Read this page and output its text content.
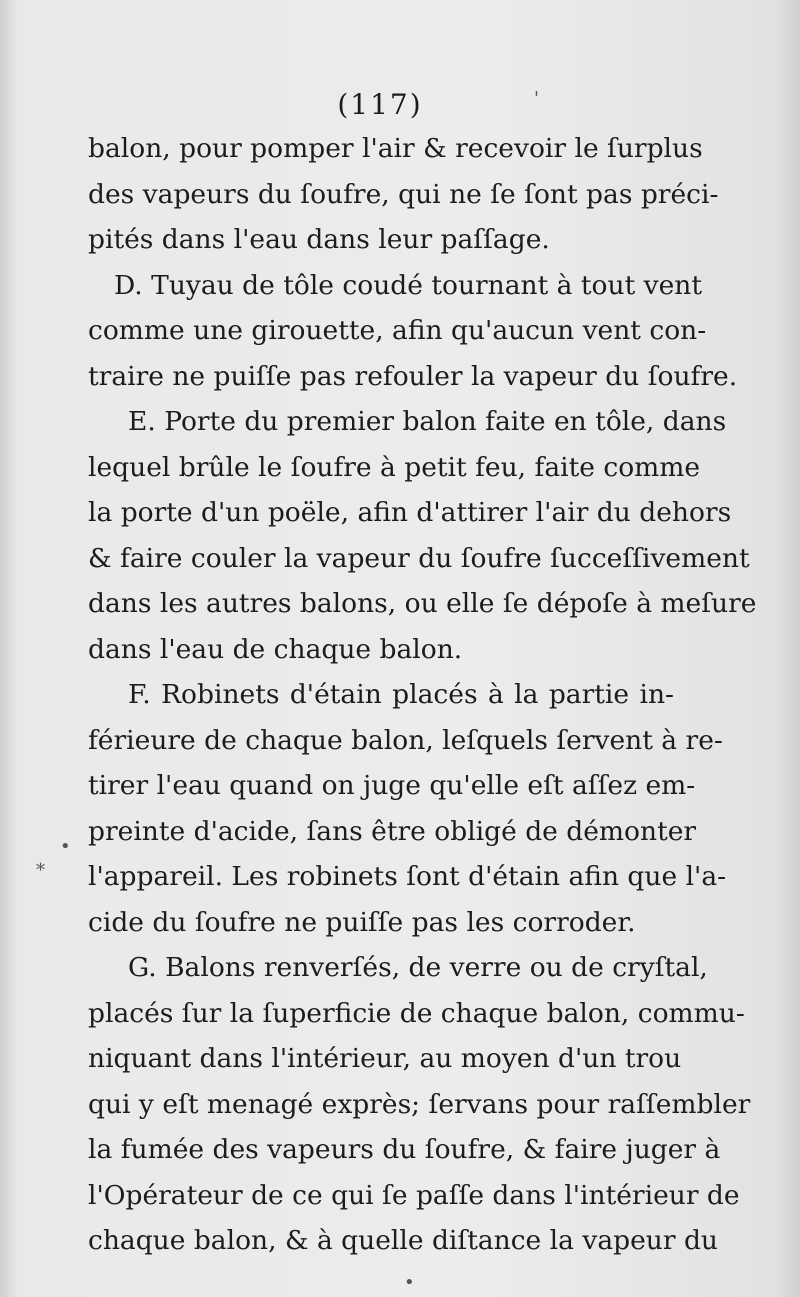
(117)
balon, pour pomper l'air & recevoir le ſurplus
des vapeurs du ſoufre, qui ne ſe ſont pas préci-
pités dans l'eau dans leur paſſage.
D. Tuyau de tôle coudé tournant à tout vent
comme une girouette, afin qu'aucun vent con-
traire ne puiſſe pas refouler la vapeur du ſoufre.
E. Porte du premier balon faite en tôle, dans
lequel brûle le ſoufre à petit feu, faite comme
la porte d'un poële, afin d'attirer l'air du dehors
& faire couler la vapeur du ſoufre ſucceſſivement
dans les autres balons, ou elle ſe dépoſe à meſure
dans l'eau de chaque balon.
F. Robinets d'étain placés à la partie in-
férieure de chaque balon, leſquels ſervent à re-
tirer l'eau quand on juge qu'elle eſt aſſez em-
preinte d'acide, ſans être obligé de démonter
l'appareil. Les robinets ſont d'étain afin que l'a-
cide du ſoufre ne puiſſe pas les corroder.
G. Balons renverſés, de verre ou de cryſtal,
placés ſur la ſuperficie de chaque balon, commu-
niquant dans l'intérieur, au moyen d'un trou
qui y eſt menagé exprès; ſervans pour raſſembler
la fumée des vapeurs du ſoufre, & faire juger à
l'Opérateur de ce qui ſe paſſe dans l'intérieur de
chaque balon, & à quelle diſtance la vapeur du
'
•
*
•
